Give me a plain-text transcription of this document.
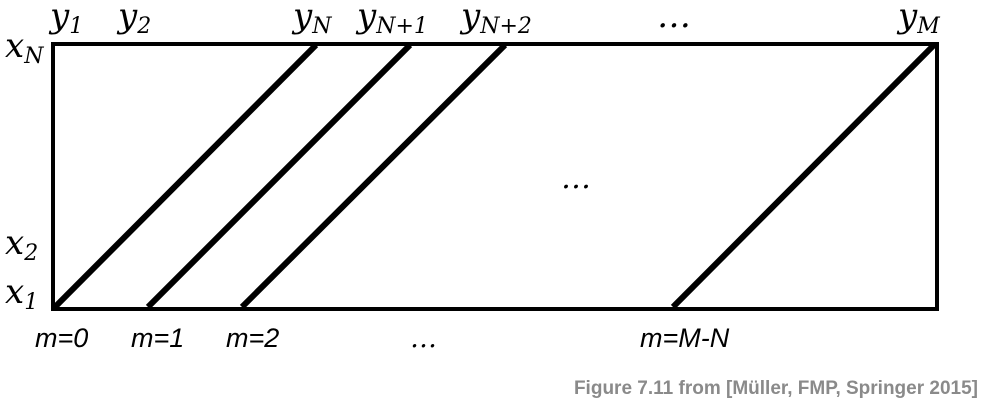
y1 y2	yN yN+1 yN+2	…	yM
xN
x2
x1
…
m=0 m=1 m=2	…	m=M-N
Figure 7.11 from [Müller, FMP, Springer 2015]
